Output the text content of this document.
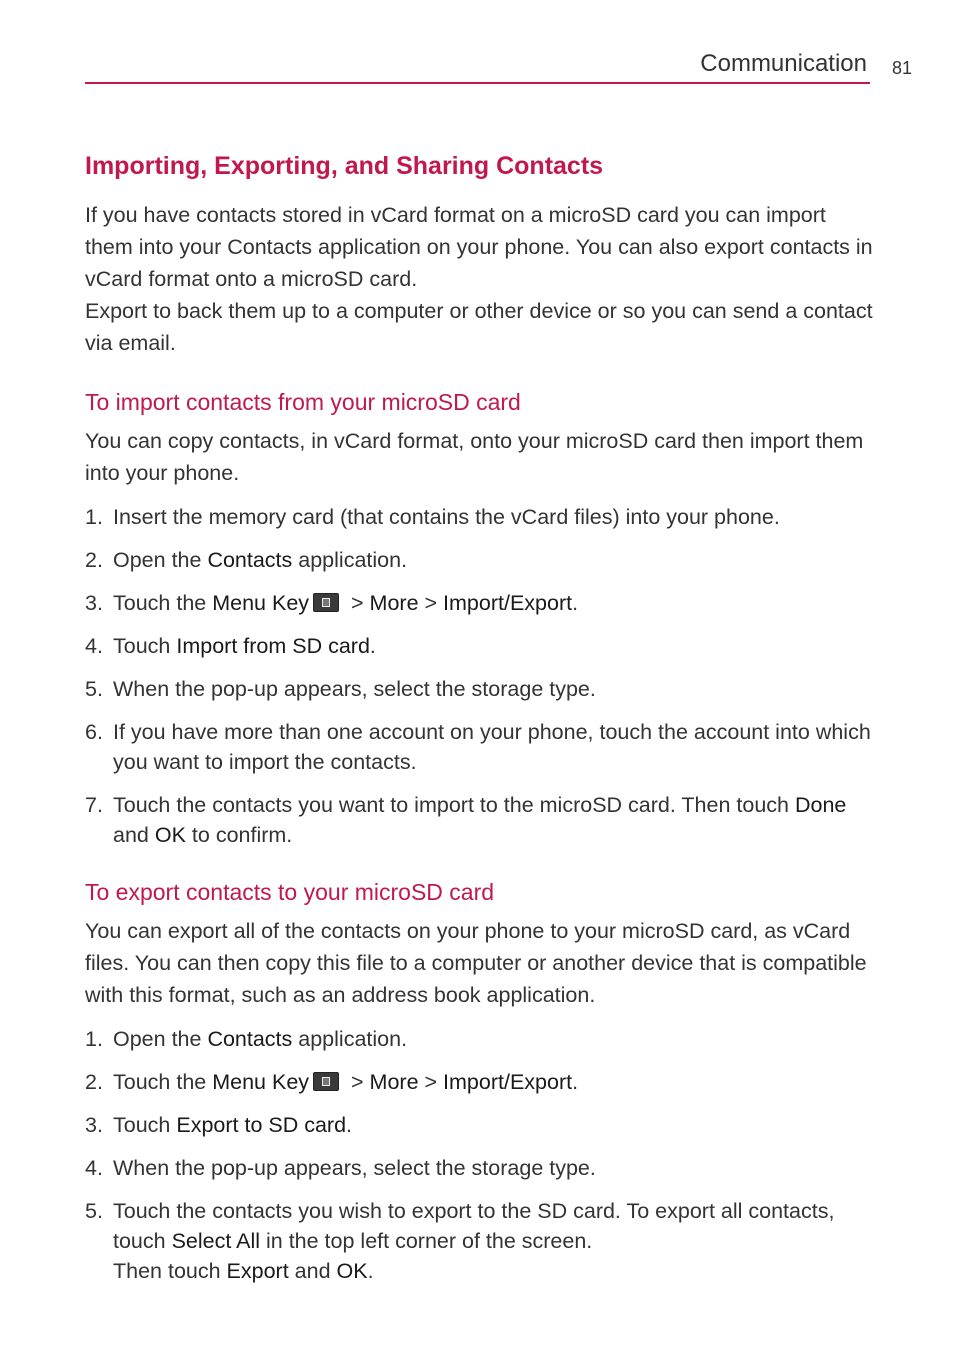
Communication 81
Importing, Exporting, and Sharing Contacts

If you have contacts stored in vCard format on a microSD card you can import them into your Contacts application on your phone. You can also export contacts in vCard format onto a microSD card.

Export to back them up to a computer or other device or so you can send a contact via email.

To import contacts from your microSD card

You can copy contacts, in vCard format, onto your microSD card then import them into your phone.

1. Insert the memory card (that contains the vCard files) into your phone.
2. Open the Contacts application.
3. Touch the Menu Key > More > Import/Export.
4. Touch Import from SD card.
5. When the pop-up appears, select the storage type.
6. If you have more than one account on your phone, touch the account into which you want to import the contacts.
7. Touch the contacts you want to import to the microSD card. Then touch Done and OK to confirm.
To export contacts to your microSD card

You can export all of the contacts on your phone to your microSD card, as vCard files. You can then copy this file to a computer or another device that is compatible with this format, such as an address book application.

1. Open the Contacts application.
2. Touch the Menu Key > More > Import/Export.
3. Touch Export to SD card.
4. When the pop-up appears, select the storage type.
5. Touch the contacts you wish to export to the SD card. To export all contacts, touch Select All in the top left corner of the screen.
Then touch Export and OK.
